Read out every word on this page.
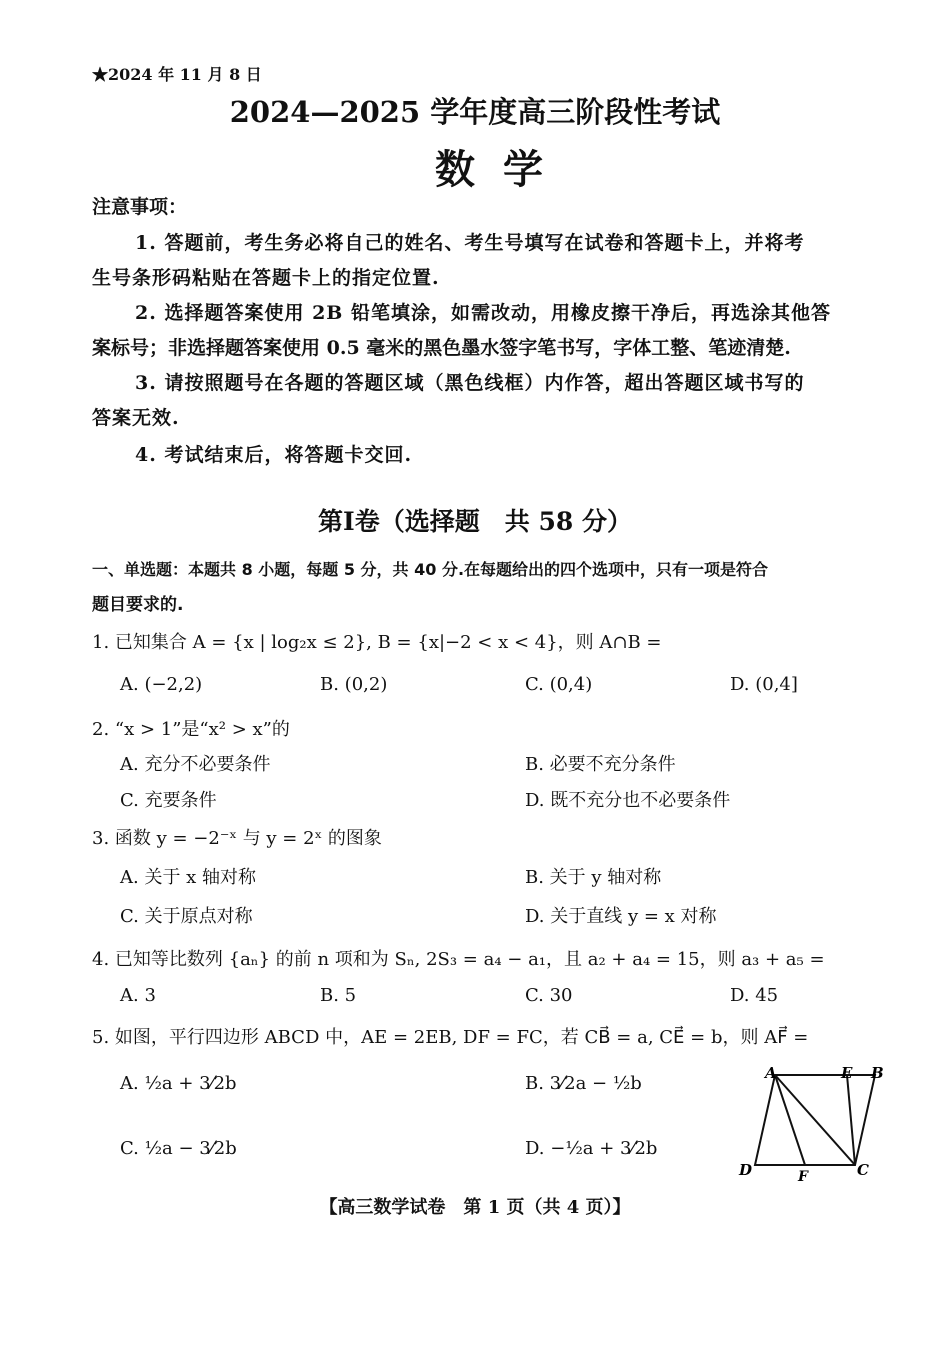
★2024 年 11 月 8 日
2024—2025 学年度高三阶段性考试
数学
注意事项：
1. 答题前，考生务必将自己的姓名、考生号填写在试卷和答题卡上，并将考
生号条形码粘贴在答题卡上的指定位置.
2. 选择题答案使用 2B 铅笔填涂，如需改动，用橡皮擦干净后，再选涂其他答
案标号；非选择题答案使用 0.5 毫米的黑色墨水签字笔书写，字体工整、笔迹清楚.
3. 请按照题号在各题的答题区域（黑色线框）内作答，超出答题区域书写的
答案无效.
4. 考试结束后，将答题卡交回.
第Ⅰ卷（选择题　共 58 分）
一、单选题：本题共 8 小题，每题 5 分，共 40 分.在每题给出的四个选项中，只有一项是符合
题目要求的.
1. 已知集合 A = {x | log₂x ≤ 2}, B = {x|−2 < x < 4}，则 A∩B =
A. (−2,2)	B. (0,2)	C. (0,4)	D. (0,4]
2. “x > 1”是“x² > x”的
A. 充分不必要条件	B. 必要不充分条件
C. 充要条件	D. 既不充分也不必要条件
3. 函数 y = −2⁻ˣ 与 y = 2ˣ 的图象
A. 关于 x 轴对称	B. 关于 y 轴对称
C. 关于原点对称	D. 关于直线 y = x 对称
4. 已知等比数列 {aₙ} 的前 n 项和为 Sₙ, 2S₃ = a₄ − a₁，且 a₂ + a₄ = 15，则 a₃ + a₅ =
A. 3	B. 5	C. 30	D. 45
5. 如图，平行四边形 ABCD 中，AE = 2EB, DF = FC，若 CB⃗ = a, CE⃗ = b，则 AF⃗ =
A. ½a + 3⁄2b	B. 3⁄2a − ½b
C. ½a − 3⁄2b	D. −½a + 3⁄2b
A	E B
D	F	C
【高三数学试卷　第 1 页（共 4 页）】
